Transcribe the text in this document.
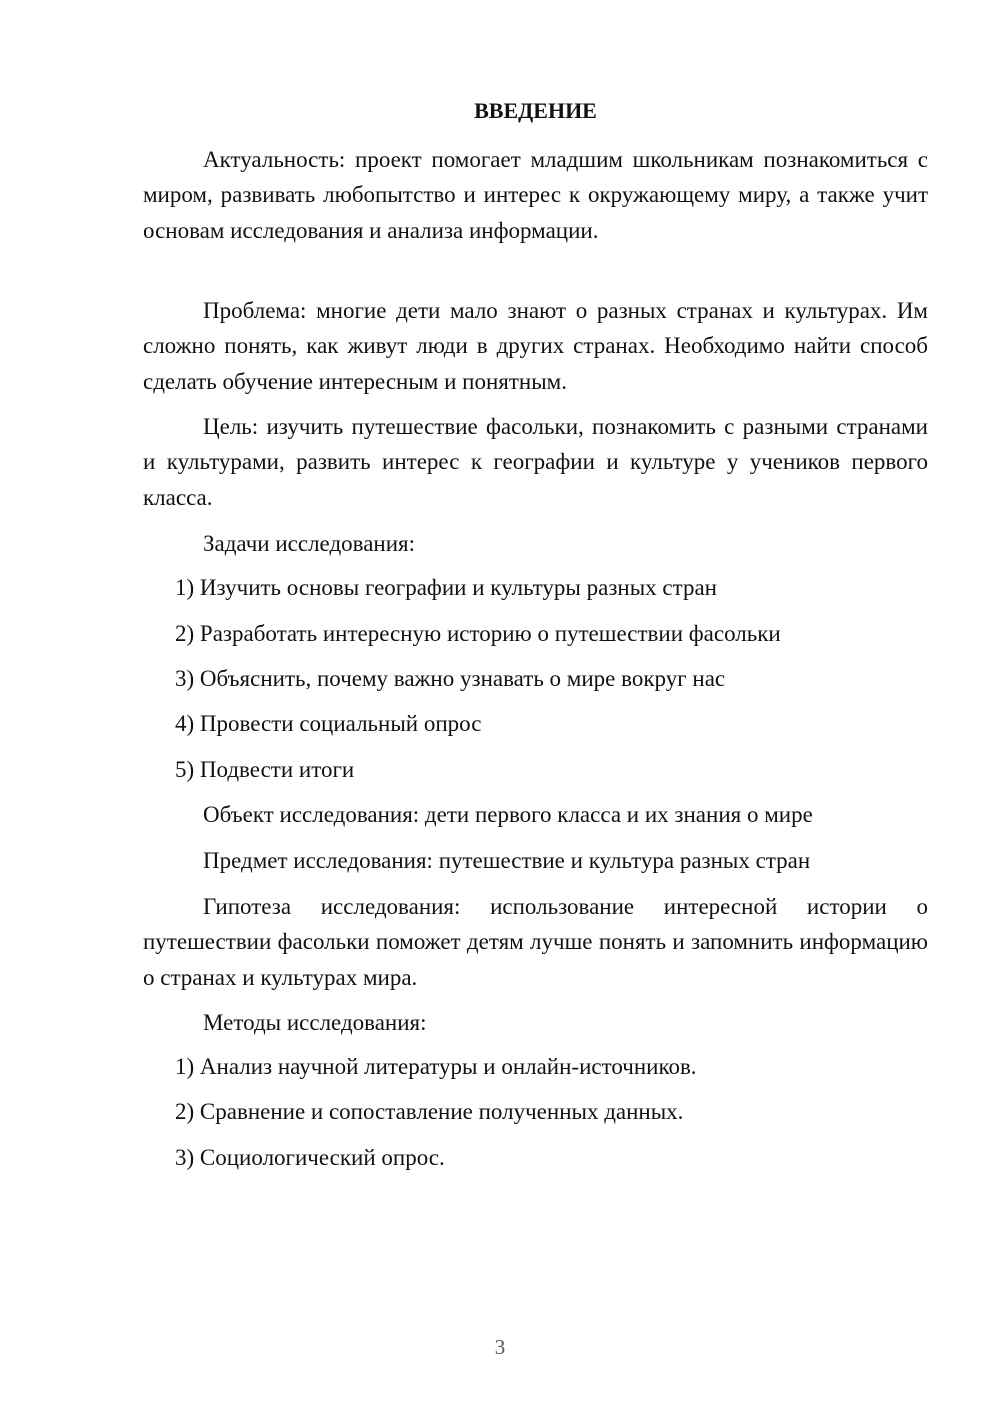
ВВЕДЕНИЕ
Актуальность: проект помогает младшим школьникам познакомиться с миром, развивать любопытство и интерес к окружающему миру, а также учит основам исследования и анализа информации.
Проблема: многие дети мало знают о разных странах и культурах. Им сложно понять, как живут люди в других странах. Необходимо найти способ сделать обучение интересным и понятным.
Цель: изучить путешествие фасольки, познакомить с разными странами и культурами, развить интерес к географии и культуре у учеников первого класса.
Задачи исследования:
1) Изучить основы географии и культуры разных стран
2) Разработать интересную историю о путешествии фасольки
3) Объяснить, почему важно узнавать о мире вокруг нас
4) Провести социальный опрос
5) Подвести итоги
Объект исследования: дети первого класса и их знания о мире
Предмет исследования: путешествие и культура разных стран
Гипотеза исследования: использование интересной истории о путешествии фасольки поможет детям лучше понять и запомнить информацию о странах и культурах мира.
Методы исследования:
1) Анализ научной литературы и онлайн-источников.
2) Сравнение и сопоставление полученных данных.
3) Социологический опрос.
3
